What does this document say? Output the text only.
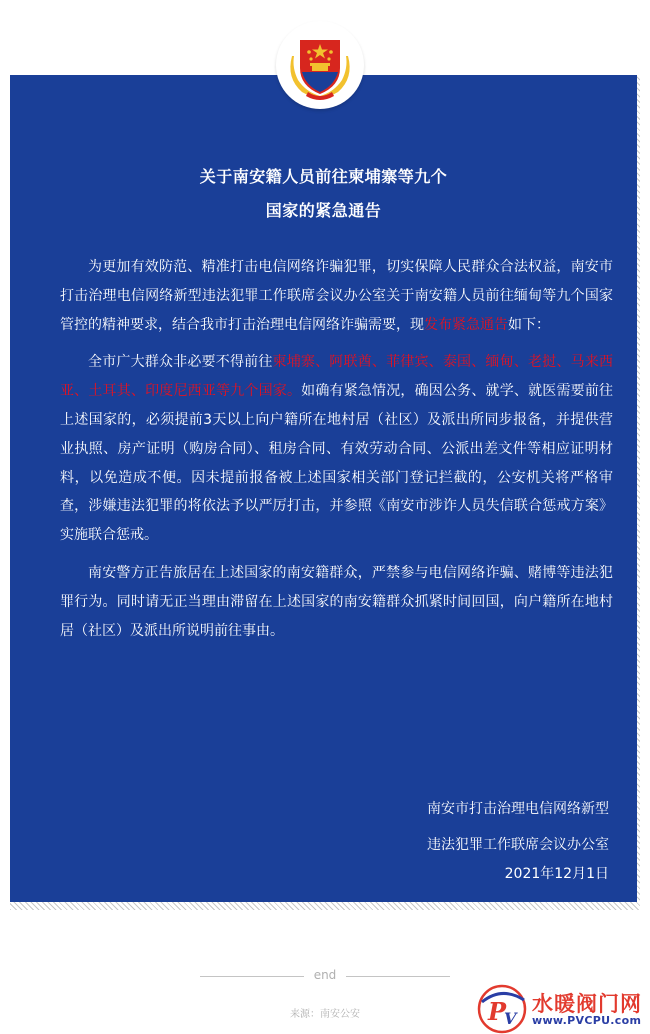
关于南安籍人员前往柬埔寨等九个
国家的紧急通告

为更加有效防范、精准打击电信网络诈骗犯罪，切实保障人民群众合法权益，南安市打击治理电信网络新型违法犯罪工作联席会议办公室关于南安籍人员前往缅甸等九个国家管控的精神要求，结合我市打击治理电信网络诈骗需要，现发布紧急通告如下：

全市广大群众非必要不得前往柬埔寨、阿联酋、菲律宾、泰国、缅甸、老挝、马来西亚、土耳其、印度尼西亚等九个国家。如确有紧急情况，确因公务、就学、就医需要前往上述国家的，必须提前3天以上向户籍所在地村居（社区）及派出所同步报备，并提供营业执照、房产证明（购房合同）、租房合同、有效劳动合同、公派出差文件等相应证明材料，以免造成不便。因未提前报备被上述国家相关部门登记拦截的，公安机关将严格审查，涉嫌违法犯罪的将依法予以严厉打击，并参照《南安市涉诈人员失信联合惩戒方案》实施联合惩戒。

南安警方正告旅居在上述国家的南安籍群众，严禁参与电信网络诈骗、赌博等违法犯罪行为。同时请无正当理由滞留在上述国家的南安籍群众抓紧时间回国，向户籍所在地村居（社区）及派出所说明前往事由。

南安市打击治理电信网络新型
违法犯罪工作联席会议办公室
2021年12月1日
end
来源：南安公安	P
V
水暖阀门网
www.PVCPU.com
